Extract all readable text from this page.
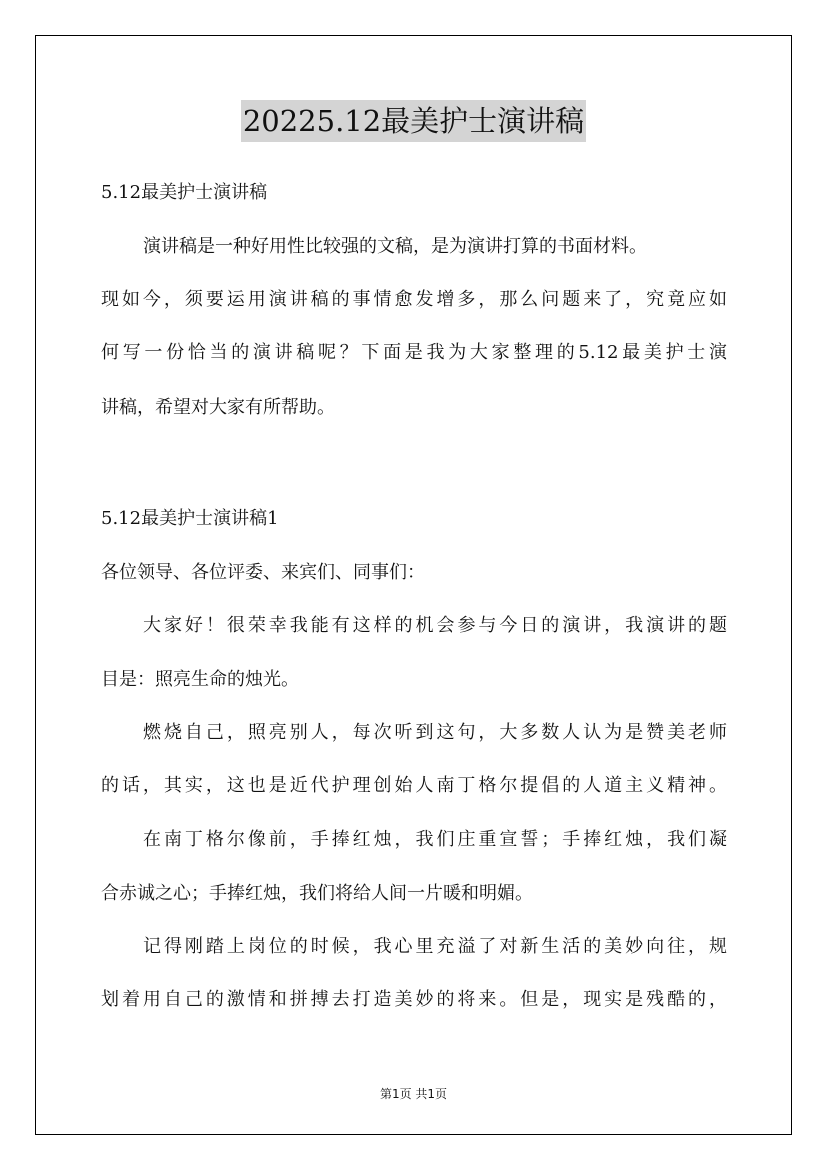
20225.12最美护士演讲稿
5.12最美护士演讲稿
演讲稿是一种好用性比较强的文稿，是为演讲打算的书面材料。
现如今，须要运用演讲稿的事情愈发增多，那么问题来了，究竟应如
何写一份恰当的演讲稿呢？下面是我为大家整理的5.12最美护士演
讲稿，希望对大家有所帮助。
5.12最美护士演讲稿1
各位领导、各位评委、来宾们、同事们：
大家好！很荣幸我能有这样的机会参与今日的演讲，我演讲的题
目是：照亮生命的烛光。
燃烧自己，照亮别人，每次听到这句，大多数人认为是赞美老师
的话，其实，这也是近代护理创始人南丁格尔提倡的人道主义精神。
在南丁格尔像前，手捧红烛，我们庄重宣誓；手捧红烛，我们凝
合赤诚之心；手捧红烛，我们将给人间一片暖和明媚。
记得刚踏上岗位的时候，我心里充溢了对新生活的美妙向往，规
划着用自己的激情和拼搏去打造美妙的将来。但是，现实是残酷的，
第1页 共1页
